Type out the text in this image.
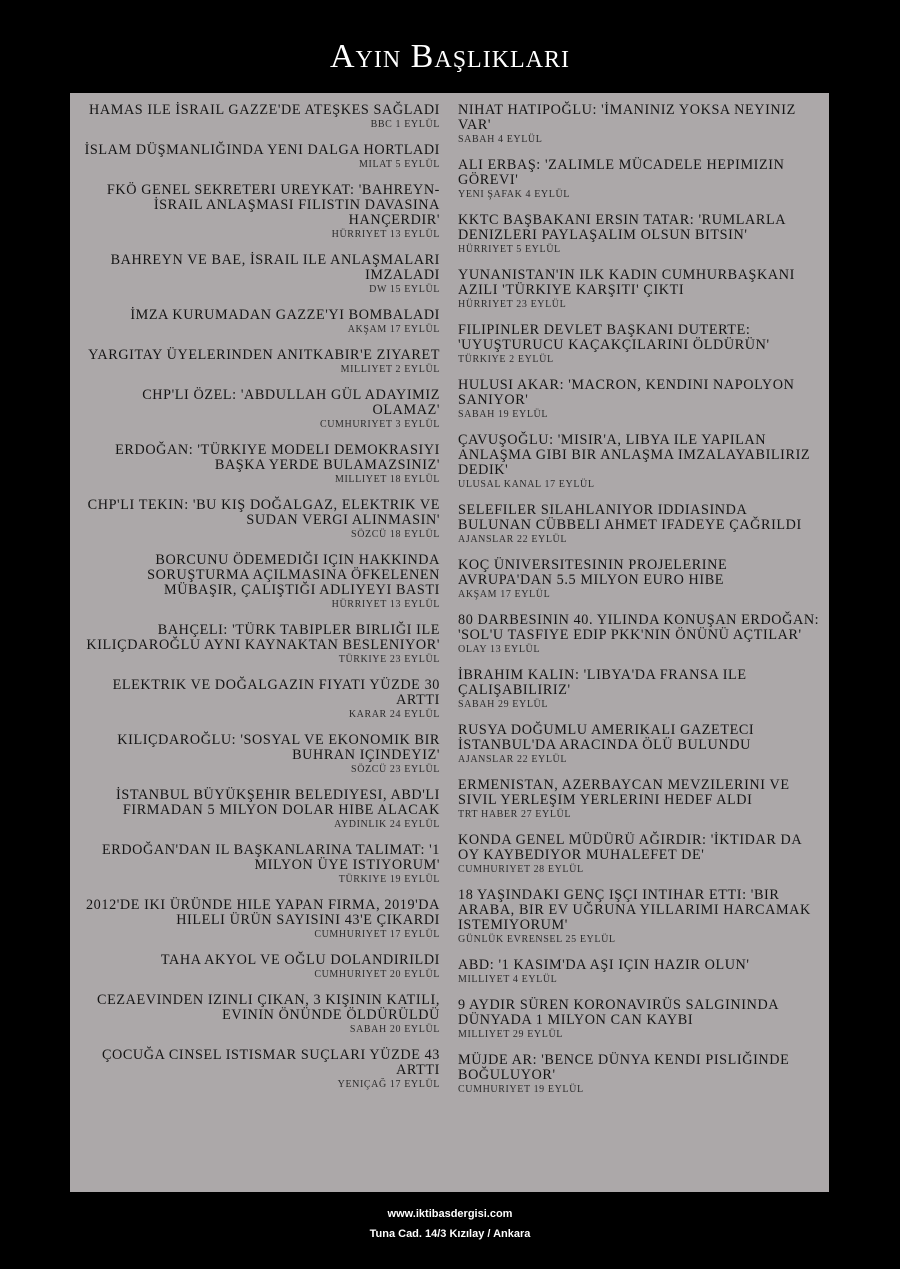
Ayın Başlıkları
HAMAS ILE İSRAIL GAZZE'DE ATEŞKES SAĞLADI
BBC 1 EYLÜL
İSLAM DÜŞMANLIĞINDA YENI DALGA HORTLADI
MILAT 5 EYLÜL
FKÖ GENEL SEKRETERI UREYKAT: 'BAHREYN-İSRAIL ANLAŞMASI FILISTIN DAVASINA HANÇERDIR'
HÜRRIYET 13 EYLÜL
BAHREYN VE BAE, İSRAIL ILE ANLAŞMALARI IMZALADI
DW 15 EYLÜL
İMZA KURUMADAN GAZZE'YI BOMBALADI
AKŞAM 17 EYLÜL
YARGITAY ÜYELERINDEN ANITKABIR'E ZIYARET
MILLIYET 2 EYLÜL
CHP'LI ÖZEL: 'ABDULLAH GÜL ADAYIMIZ OLAMAZ'
CUMHURIYET 3 EYLÜL
ERDOĞAN: 'TÜRKIYE MODELI DEMOKRASIYI BAŞKA YERDE BULAMAZSINIZ'
MILLIYET 18 EYLÜL
CHP'LI TEKIN: 'BU KIŞ DOĞALGAZ, ELEKTRIK VE SUDAN VERGI ALINMASIN'
SÖZCÜ 18 EYLÜL
BORCUNU ÖDEMEDIĞI IÇIN HAKKINDA SORUŞTURMA AÇILMASINA ÖFKELENEN MÜBAŞIR, ÇALIŞTIĞI ADLIYEYI BASTI
HÜRRIYET 13 EYLÜL
BAHÇELI: 'TÜRK TABIPLER BIRLIĞI ILE KILIÇDAROĞLU AYNI KAYNAKTAN BESLENIYOR'
TÜRKIYE 23 EYLÜL
ELEKTRIK VE DOĞALGAZIN FIYATI YÜZDE 30 ARTTI
KARAR 24 EYLÜL
KILIÇDAROĞLU: 'SOSYAL VE EKONOMIK BIR BUHRAN IÇINDEYIZ'
SÖZCÜ 23 EYLÜL
İSTANBUL BÜYÜKŞEHIR BELEDIYESI, ABD'LI FIRMADAN 5 MILYON DOLAR HIBE ALACAK
AYDINLIK 24 EYLÜL
ERDOĞAN'DAN IL BAŞKANLARINA TALIMAT: '1 MILYON ÜYE ISTIYORUM'
TÜRKIYE 19 EYLÜL
2012'DE IKI ÜRÜNDE HILE YAPAN FIRMA, 2019'DA HILELI ÜRÜN SAYISINI 43'E ÇIKARDI
CUMHURIYET 17 EYLÜL
TAHA AKYOL VE OĞLU DOLANDIRILDI
CUMHURIYET 20 EYLÜL
CEZAEVINDEN IZINLI ÇIKAN, 3 KIŞININ KATILI, EVININ ÖNÜNDE ÖLDÜRÜLDÜ
SABAH 20 EYLÜL
ÇOCUĞA CINSEL ISTISMAR SUÇLARI YÜZDE 43 ARTTI
YENIÇAĞ 17 EYLÜL
NIHAT HATIPOĞLU: 'İMANINIZ YOKSA NEYINIZ VAR'
SABAH 4 EYLÜL
ALI ERBAŞ: 'ZALIMLE MÜCADELE HEPIMIZIN GÖREVI'
YENI ŞAFAK 4 EYLÜL
KKTC BAŞBAKANI ERSIN TATAR: 'RUMLARLA DENIZLERI PAYLAŞALIM OLSUN BITSIN'
HÜRRIYET 5 EYLÜL
YUNANISTAN'IN ILK KADIN CUMHURBAŞKANI AZILI 'TÜRKIYE KARŞITI' ÇIKTI
HÜRRIYET 23 EYLÜL
FILIPINLER DEVLET BAŞKANI DUTERTE: 'UYUŞTURUCU KAÇAKÇILARINI ÖLDÜRÜN'
TÜRKIYE 2 EYLÜL
HULUSI AKAR: 'MACRON, KENDINI NAPOLYON SANIYOR'
SABAH 19 EYLÜL
ÇAVUŞOĞLU: 'MISIR'A, LIBYA ILE YAPILAN ANLAŞMA GIBI BIR ANLAŞMA IMZALAYABILIRIZ DEDIK'
ULUSAL KANAL 17 EYLÜL
SELEFILER SILAHLANIYOR IDDIASINDA BULUNAN CÜBBELI AHMET IFADEYE ÇAĞRILDI
AJANSLAR 22 EYLÜL
KOÇ ÜNIVERSITESININ PROJELERINE AVRUPA'DAN 5.5 MILYON EURO HIBE
AKŞAM 17 EYLÜL
80 DARBESININ 40. YILINDA KONUŞAN ERDOĞAN: 'SOL'U TASFIYE EDIP PKK'NIN ÖNÜNÜ AÇTILAR'
OLAY 13 EYLÜL
İBRAHIM KALIN: 'LIBYA'DA FRANSA ILE ÇALIŞABILIRIZ'
SABAH 29 EYLÜL
RUSYA DOĞUMLU AMERIKALI GAZETECI İSTANBUL'DA ARACINDA ÖLÜ BULUNDU
AJANSLAR 22 EYLÜL
ERMENISTAN, AZERBAYCAN MEVZILERINI VE SIVIL YERLEŞIM YERLERINI HEDEF ALDI
TRT HABER 27 EYLÜL
KONDA GENEL MÜDÜRÜ AĞIRDIR: 'İKTIDAR DA OY KAYBEDIYOR MUHALEFET DE'
CUMHURIYET 28 EYLÜL
18 YAŞINDAKI GENÇ IŞÇI INTIHAR ETTI: 'BIR ARABA, BIR EV UĞRUNA YILLARIMI HARCAMAK ISTEMIYORUM'
GÜNLÜK EVRENSEL 25 EYLÜL
ABD: '1 KASIM'DA AŞI IÇIN HAZIR OLUN'
MILLIYET 4 EYLÜL
9 AYDIR SÜREN KORONAVIRÜS SALGININDA DÜNYADA 1 MILYON CAN KAYBI
MILLIYET 29 EYLÜL
MÜJDE AR: 'BENCE DÜNYA KENDI PISLIĞINDE BOĞULUYOR'
CUMHURIYET 19 EYLÜL
www.iktibasdergisi.com
Tuna Cad. 14/3 Kızılay / Ankara
